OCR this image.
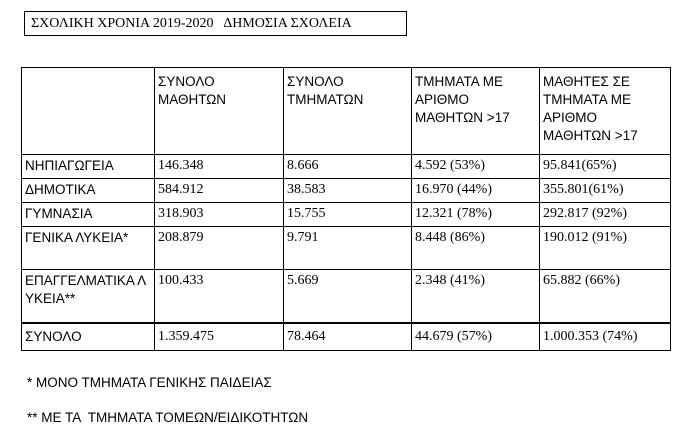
ΣΧΟΛΙΚΗ ΧΡΟΝΙΑ 2019-2020   ΔΗΜΟΣΙΑ ΣΧΟΛΕΙΑ
	ΣΥΝΟΛΟ ΜΑΘΗΤΩΝ	ΣΥΝΟΛΟ ΤΜΗΜΑΤΩΝ	ΤΜΗΜΑΤΑ ΜΕ ΑΡΙΘΜΟ ΜΑΘΗΤΩΝ >17	ΜΑΘΗΤΕΣ ΣΕ ΤΜΗΜΑΤΑ ΜΕ ΑΡΙΘΜΟ ΜΑΘΗΤΩΝ >17
ΝΗΠΙΑΓΩΓΕΙΑ	146.348	8.666	4.592 (53%)	95.841(65%)
ΔΗΜΟΤΙΚΑ	584.912	38.583	16.970 (44%)	355.801(61%)
ΓΥΜΝΑΣΙΑ	318.903	15.755	12.321 (78%)	292.817 (92%)
ΓΕΝΙΚΑ ΛΥΚΕΙΑ*	208.879	9.791	8.448 (86%)	190.012 (91%)
ΕΠΑΓΓΕΛΜΑΤΙΚΑ ΛΥΚΕΙΑ**	100.433	5.669	2.348 (41%)	65.882 (66%)
ΣΥΝΟΛΟ	1.359.475	78.464	44.679 (57%)	1.000.353 (74%)
* ΜΟΝΟ ΤΜΗΜΑΤΑ ΓΕΝΙΚΗΣ ΠΑΙΔΕΙΑΣ
** ΜΕ ΤΑ  ΤΜΗΜΑΤΑ ΤΟΜΕΩΝ/ΕΙΔΙΚΟΤΗΤΩΝ
